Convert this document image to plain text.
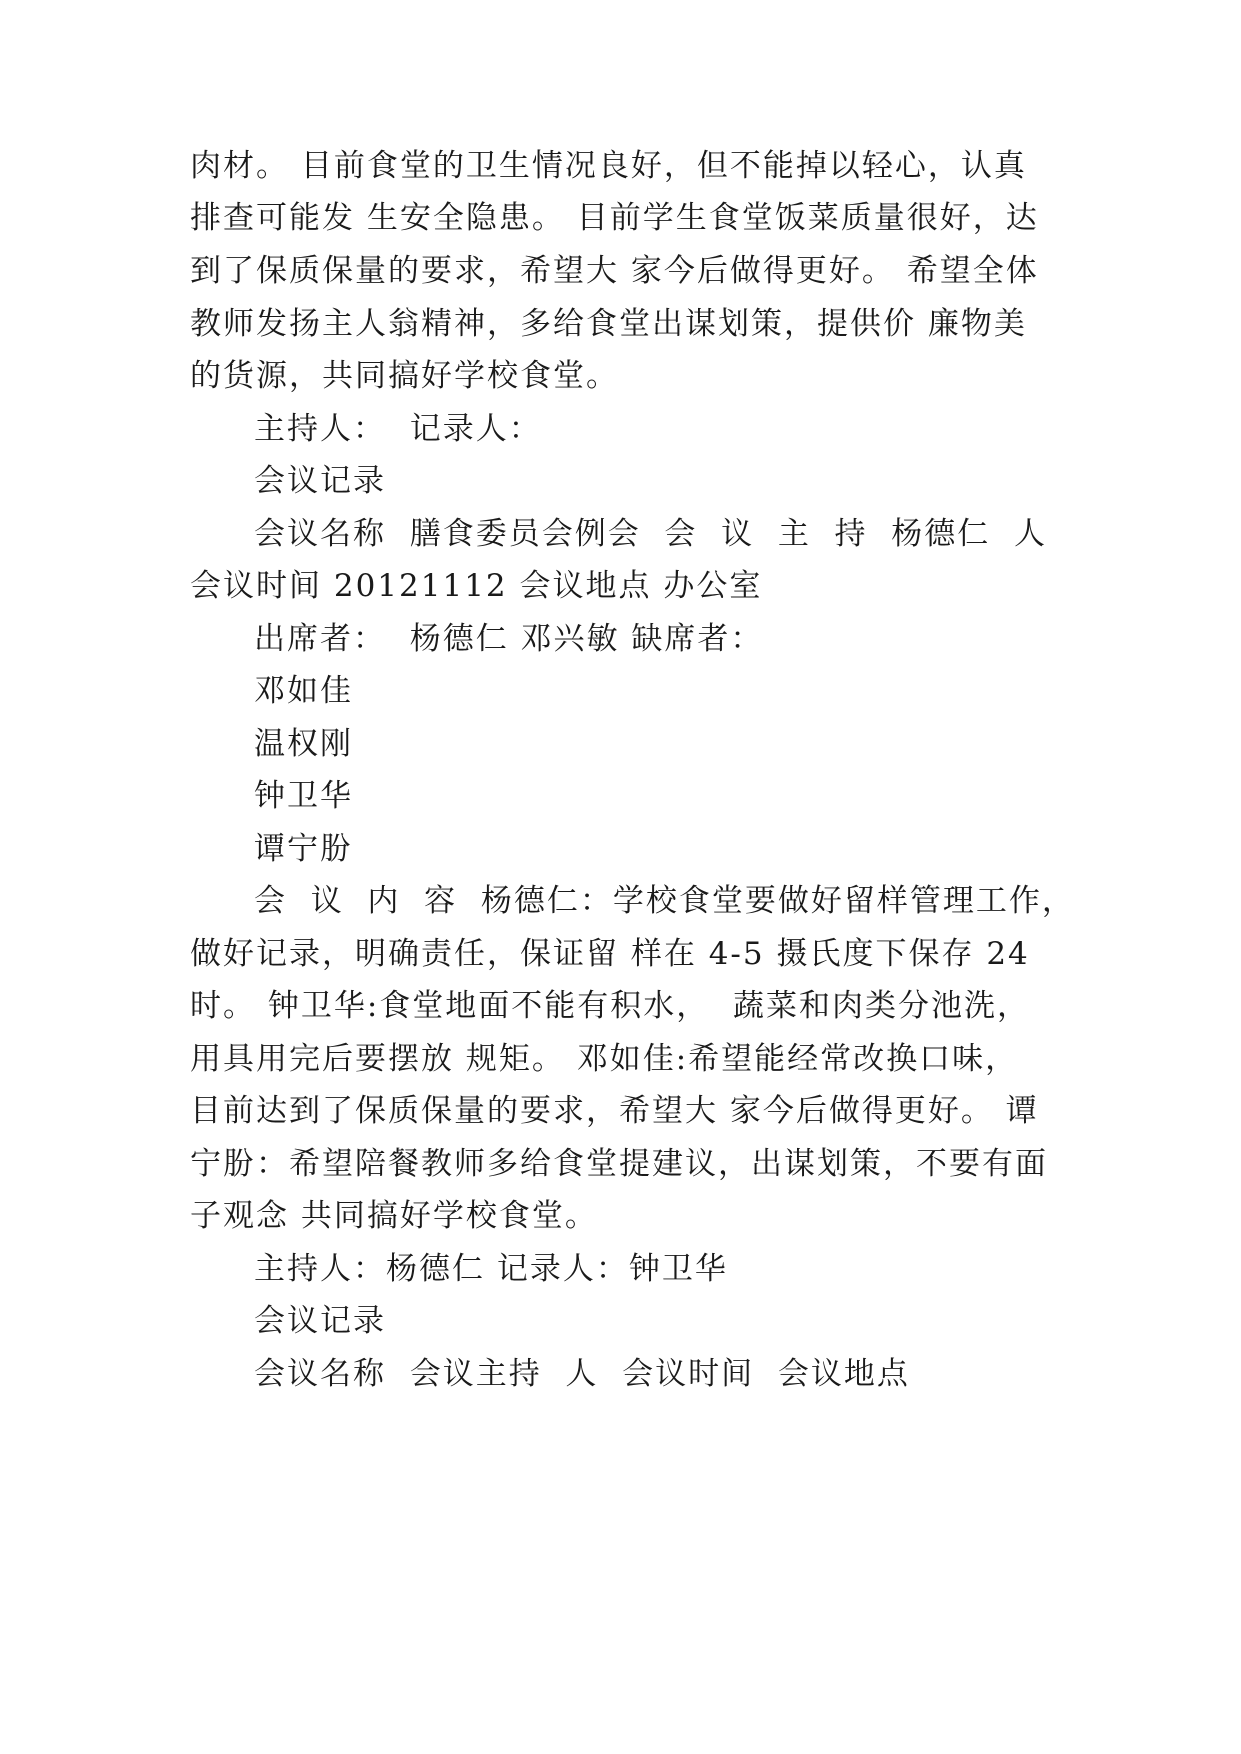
肉材。 目前食堂的卫生情况良好，但不能掉以轻心，认真
排查可能发 生安全隐患。 目前学生食堂饭菜质量很好，达
到了保质保量的要求，希望大 家今后做得更好。 希望全体
教师发扬主人翁精神，多给食堂出谋划策，提供价 廉物美
的货源，共同搞好学校食堂。
主持人：  记录人：
会议记录
会议名称  膳食委员会例会  会  议  主  持  杨德仁  人
会议时间 20121112 会议地点 办公室
出席者：  杨德仁 邓兴敏 缺席者：
邓如佳
温权刚
钟卫华
谭宁朌
会  议  内  容  杨德仁：学校食堂要做好留样管理工作，
做好记录，明确责任，保证留 样在 4-5 摄氏度下保存 24
时。 钟卫华:食堂地面不能有积水，  蔬菜和肉类分池洗，
用具用完后要摆放 规矩。 邓如佳:希望能经常改换口味，
目前达到了保质保量的要求，希望大 家今后做得更好。 谭
宁朌：希望陪餐教师多给食堂提建议，出谋划策，不要有面
子观念 共同搞好学校食堂。
主持人：杨德仁 记录人：钟卫华
会议记录
会议名称  会议主持  人  会议时间  会议地点
